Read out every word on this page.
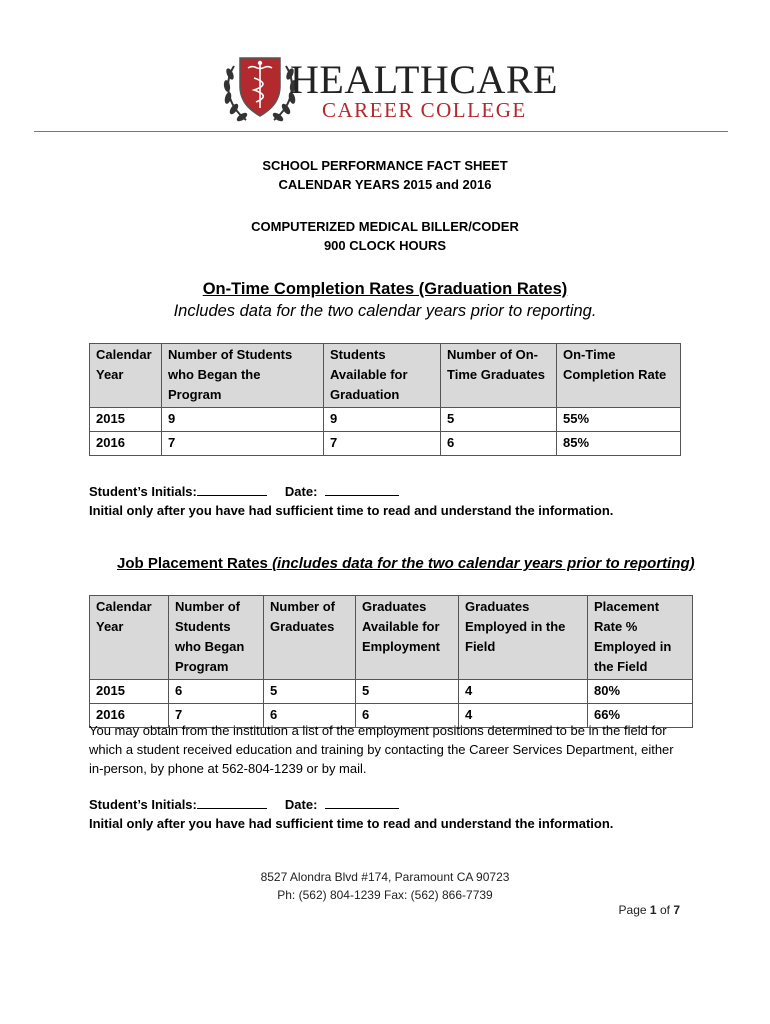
HEALTHCARE
CAREER COLLEGE
SCHOOL PERFORMANCE FACT SHEET
CALENDAR YEARS 2015 and 2016
COMPUTERIZED MEDICAL BILLER/CODER
900 CLOCK HOURS
On-Time Completion Rates (Graduation Rates)
Includes data for the two calendar years prior to reporting.
Calendar Year	Number of Students who Began the Program	Students Available for Graduation	Number of On-Time Graduates	On-Time Completion Rate
2015	9	9	5	55%
2016	7	7	6	85%
Student’s Initials:	Date:
Initial only after you have had sufficient time to read and understand the information.
Job Placement Rates (includes data for the two calendar years prior to reporting)
Calendar Year	Number of Students who Began Program	Number of Graduates	Graduates Available for Employment	Graduates Employed in the Field	Placement Rate % Employed in the Field
2015	6	5	5	4	80%
2016	7	6	6	4	66%
You may obtain from the institution a list of the employment positions determined to be in the field for which a student received education and training by contacting the Career Services Department, either in-person, by phone at 562-804-1239 or by mail.
Student’s Initials:	Date:
Initial only after you have had sufficient time to read and understand the information.
8527 Alondra Blvd #174, Paramount CA 90723
Ph: (562) 804-1239 Fax: (562) 866-7739
Page 1 of 7
